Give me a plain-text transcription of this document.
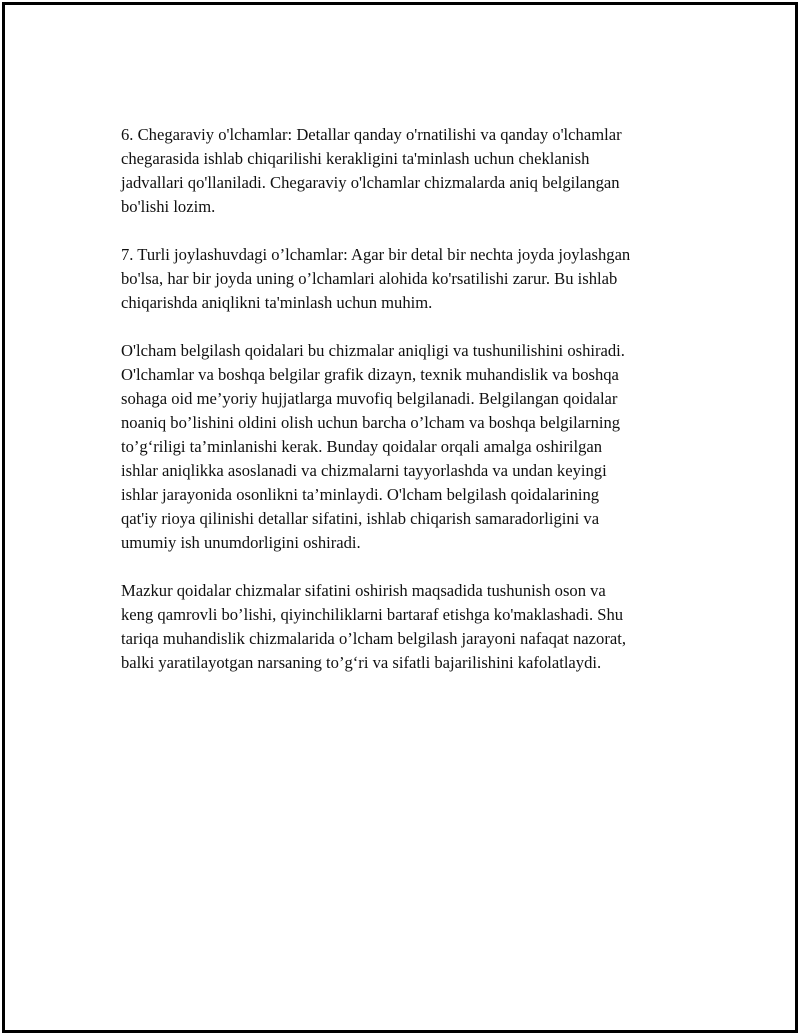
6. Chegaraviy o'lchamlar: Detallar qanday o'rnatilishi va qanday o'lchamlar
chegarasida ishlab chiqarilishi kerakligini ta'minlash uchun cheklanish
jadvallari qo'llaniladi. Chegaraviy o'lchamlar chizmalarda aniq belgilangan
bo'lishi lozim.

7. Turli joylashuvdagi o’lchamlar: Agar bir detal bir nechta joyda joylashgan
bo'lsa, har bir joyda uning o’lchamlari alohida ko'rsatilishi zarur. Bu ishlab
chiqarishda aniqlikni ta'minlash uchun muhim.

O'lcham belgilash qoidalari bu chizmalar aniqligi va tushunilishini oshiradi.
O'lchamlar va boshqa belgilar grafik dizayn, texnik muhandislik va boshqa
sohaga oid me’yoriy hujjatlarga muvofiq belgilanadi. Belgilangan qoidalar
noaniq bo’lishini oldini olish uchun barcha o’lcham va boshqa belgilarning
to’g‘riligi ta’minlanishi kerak. Bunday qoidalar orqali amalga oshirilgan
ishlar aniqlikka asoslanadi va chizmalarni tayyorlashda va undan keyingi
ishlar jarayonida osonlikni ta’minlaydi. O'lcham belgilash qoidalarining
qat'iy rioya qilinishi detallar sifatini, ishlab chiqarish samaradorligini va
umumiy ish unumdorligini oshiradi.

Mazkur qoidalar chizmalar sifatini oshirish maqsadida tushunish oson va
keng qamrovli bo’lishi, qiyinchiliklarni bartaraf etishga ko'maklashadi. Shu
tariqa muhandislik chizmalarida o’lcham belgilash jarayoni nafaqat nazorat,
balki yaratilayotgan narsaning to’g‘ri va sifatli bajarilishini kafolatlaydi.
